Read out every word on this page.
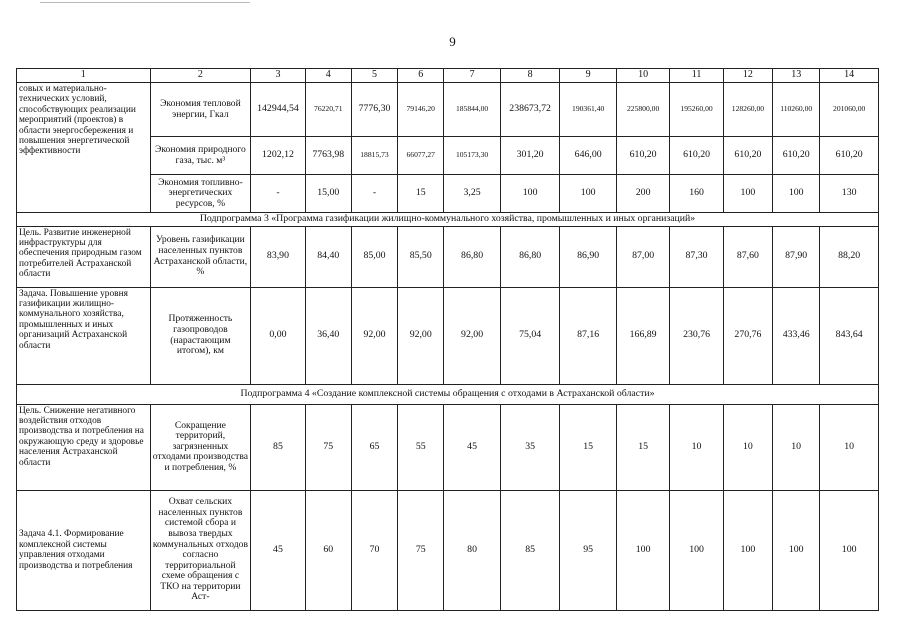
9
1	2	3	4	5	6	7	8	9	10	11	12	13	14
совых и материально-технических условий, способствующих реализации мероприятий (проектов) в области энергосбережения и повышения энергетической эффективности	Экономия тепловой энергии, Гкал	142944,54	76220,71	7776,30	79146,20	185844,00	238673,72	190361,40	225800,00	195260,00	128260,00	110260,00	201060,00
	Экономия природного газа, тыс. м³	1202,12	7763,98	18815,73	66077,27	105173,30	301,20	646,00	610,20	610,20	610,20	610,20	610,20
	Экономия топливно-энергетических ресурсов, %	-	15,00	-	15	3,25	100	100	200	160	100	100	130
Подпрограмма 3 «Программа газификации жилищно-коммунального хозяйства, промышленных и иных организаций»													
Цель. Развитие инженерной инфраструктуры для обеспечения природным газом потребителей Астраханской области	Уровень газификации населенных пунктов Астраханской области, %	83,90	84,40	85,00	85,50	86,80	86,80	86,90	87,00	87,30	87,60	87,90	88,20
Задача. Повышение уровня газификации жилищно-коммунального хозяйства, промышленных и иных организаций Астраханской области	Протяженность газопроводов (нарастающим итогом), км	0,00	36,40	92,00	92,00	92,00	75,04	87,16	166,89	230,76	270,76	433,46	843,64
Подпрограмма 4 «Создание комплексной системы обращения с отходами в Астраханской области»													
Цель. Снижение негативного воздействия отходов производства и потребления на окружающую среду и здоровье населения Астраханской области	Сокращение территорий, загрязненных отходами производства и потребления, %	85	75	65	55	45	35	15	15	10	10	10	10
Задача 4.1. Формирование комплексной системы управления отходами производства и потребления	Охват сельских населенных пунктов системой сбора и вывоза твердых коммунальных отходов согласно территориальной схеме обращения с ТКО на территории Аст-	45	60	70	75	80	85	95	100	100	100	100	100
